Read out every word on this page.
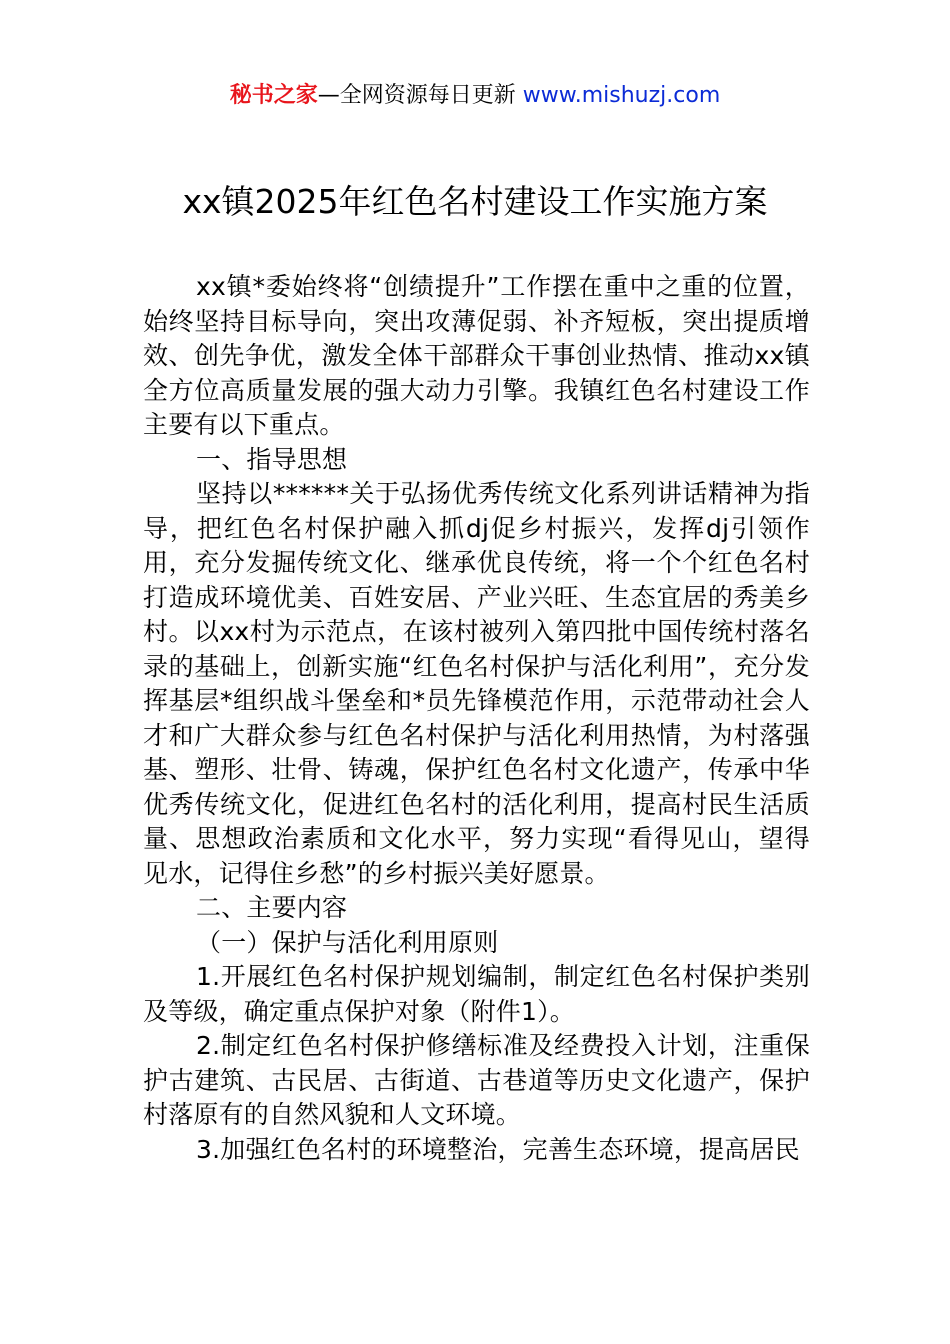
秘书之家—全网资源每日更新 www.mishuzj.com
xx镇2025年红色名村建设工作实施方案

xx镇*委始终将“创绩提升”工作摆在重中之重的位置，始终坚持目标导向，突出攻薄促弱、补齐短板，突出提质增效、创先争优，激发全体干部群众干事创业热情、推动xx镇全方位高质量发展的强大动力引擎。我镇红色名村建设工作主要有以下重点。

一、指导思想

坚持以******关于弘扬优秀传统文化系列讲话精神为指导，把红色名村保护融入抓dj促乡村振兴，发挥dj引领作用，充分发掘传统文化、继承优良传统，将一个个红色名村打造成环境优美、百姓安居、产业兴旺、生态宜居的秀美乡村。以xx村为示范点，在该村被列入第四批中国传统村落名录的基础上，创新实施“红色名村保护与活化利用”，充分发挥基层*组织战斗堡垒和*员先锋模范作用，示范带动社会人才和广大群众参与红色名村保护与活化利用热情，为村落强基、塑形、壮骨、铸魂，保护红色名村文化遗产，传承中华优秀传统文化，促进红色名村的活化利用，提高村民生活质量、思想政治素质和文化水平，努力实现“看得见山，望得见水，记得住乡愁”的乡村振兴美好愿景。

二、主要内容

（一）保护与活化利用原则

1.开展红色名村保护规划编制，制定红色名村保护类别及等级，确定重点保护对象（附件1）。

2.制定红色名村保护修缮标准及经费投入计划，注重保护古建筑、古民居、古街道、古巷道等历史文化遗产，保护村落原有的自然风貌和人文环境。

3.加强红色名村的环境整治，完善生态环境，提高居民
